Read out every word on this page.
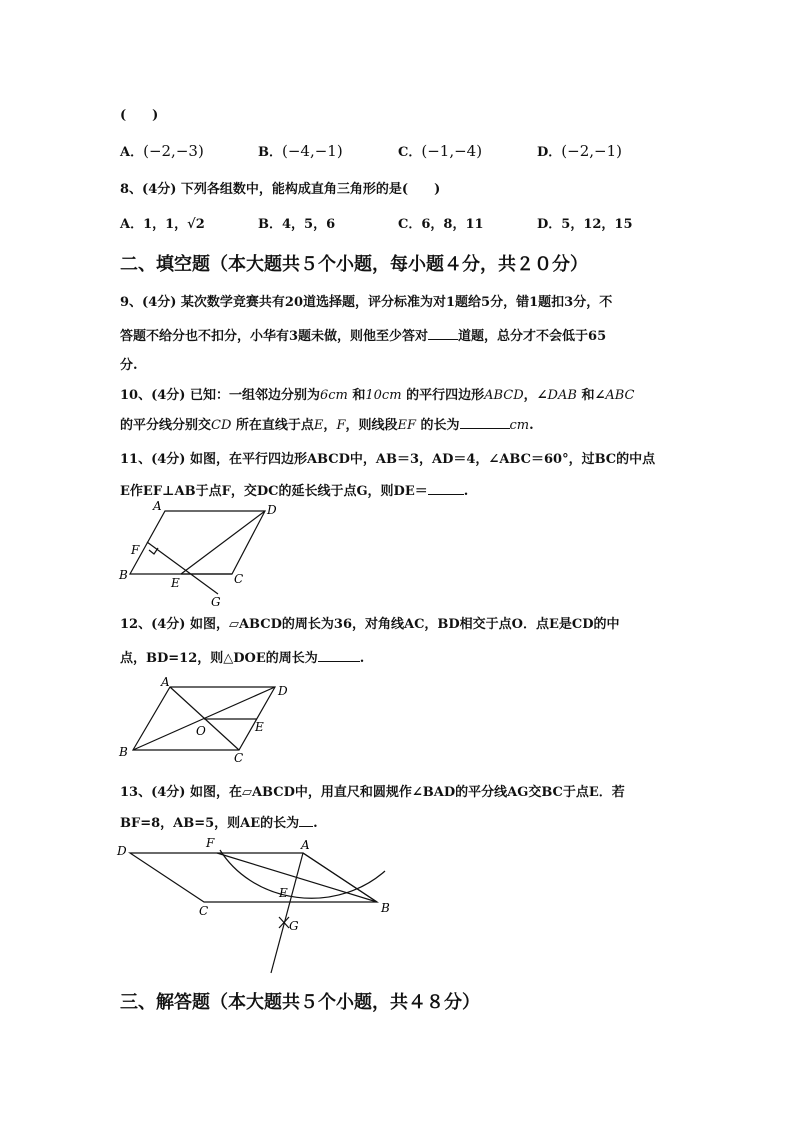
(　　)
A．(−2,−3)	B．(−4,−1)	C．(−1,−4)	D．(−2,−1)
8、(4分) 下列各组数中，能构成直角三角形的是(　　)
A．1，1，√2	B．4，5，6	C．6，8，11	D．5，12，15
二、填空题（本大题共５个小题，每小题４分，共２０分）
9、(4分) 某次数学竞赛共有20道选择题，评分标准为对1题给5分，错1题扣3分，不
答题不给分也不扣分，小华有3题未做，则他至少答对 道题，总分才不会低于65
分.
10、(4分) 已知：一组邻边分别为6cm 和10cm 的平行四边形ABCD，∠DAB 和∠ABC
的平分线分别交CD 所在直线于点E，F，则线段EF 的长为	cm.
11、(4分) 如图，在平行四边形ABCD中，AB＝3，AD＝4，∠ABC＝60°，过BC的中点
E作EF⊥AB于点F，交DC的延长线于点G，则DE＝	.
A	D
F
B
E	C
G
12、(4分) 如图，▱ABCD的周长为36，对角线AC，BD相交于点O．点E是CD的中
点，BD=12，则△DOE的周长为	.
A
D
E
O
B	C
13、(4分) 如图，在▱ABCD中，用直尺和圆规作∠BAD的平分线AG交BC于点E．若
BF=8，AB=5，则AE的长为 .
D
F	A
E
C	B
G
三、解答题（本大题共５个小题，共４８分）
